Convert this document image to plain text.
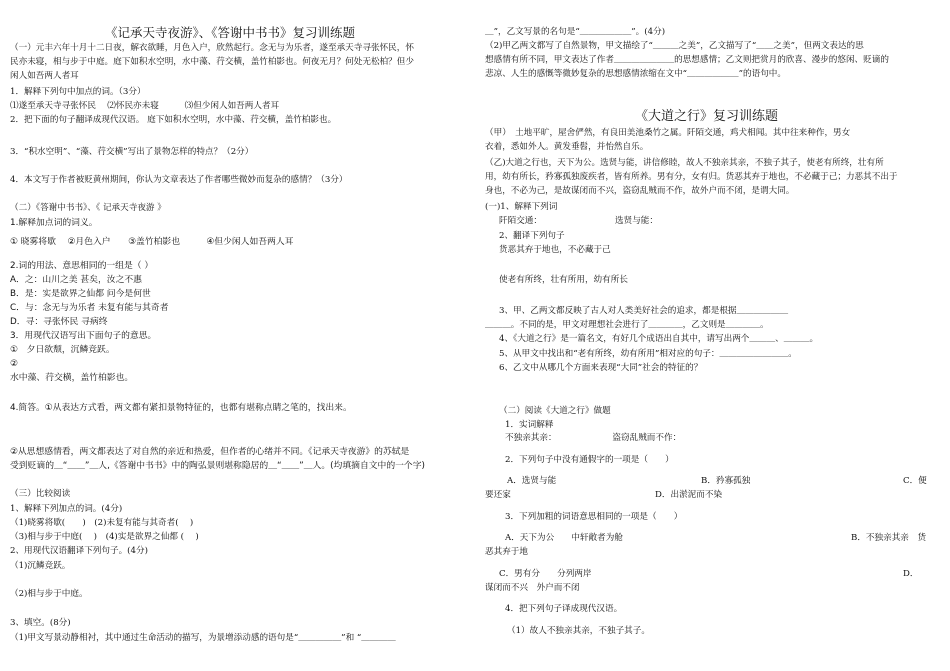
《记承天寺夜游》、《答谢中书书》复习训练题
（一）元丰六年十月十二日夜，解衣欲睡，月色入户，欣然起行。念无与为乐者，遂至承天寺寻张怀民，怀
民亦未寝，相与步于中庭。庭下如积水空明，水中藻、荇交横，盖竹柏影也。何夜无月？何处无松柏？但少
闲人如吾两人者耳
1．解释下列句中加点的词。（3分）
⑴遂至承天寺寻张怀民 　⑵怀民亦未寝　　　⑶但少闲人如吾两人者耳
2．把下面的句子翻译成现代汉语。 庭下如积水空明，水中藻、荇交横，盖竹柏影也。
3．“积水空明”、“藻、荇交横”写出了景物怎样的特点？（2分）
4．本文写于作者被贬黄州期间，你认为文章表达了作者哪些微妙而复杂的感情？（3分）
（二）《答谢中书书》、《 记承天寺夜游 》
1.解释加点词的词义。
① 晓雾将歇　 ②月色入户　　③盖竹柏影也　　　④但少闲人如吾两人耳
2.词的用法、意思相同的一组是（ ）
A．之：山川之美 甚矣，汝之不惠
B．是：实是欲界之仙都 问今是何世
C．与：念无与为乐者 未复有能与其奇者
D．寻：寻张怀民 寻病终
3．用现代汉语写出下面句子的意思。
①　夕日欲颓，沉鳞竞跃。
②
水中藻、荇交横，盖竹柏影也。
4.简答。①从表达方式看，两文都有紧扣景物特征的，也都有堪称点睛之笔的，找出来。
②从思想感情看，两文都表达了对自然的亲近和热爱，但作者的心绪并不同。《记承天寺夜游》的苏轼是
受到贬谪的＿“＿＿”＿人,《答谢中书书》中的陶弘景则堪称隐居的＿“＿＿”＿人。(均填摘自文中的一个字)
（三）比较阅读
1、解释下列加点的词。(4分)
（1)晓雾将歇(　　)　(2)未复有能与其奇者(　 )
（3)相与步于中庭(　 )　(4)实是欲界之仙都 (　 )
2、用现代汉语翻译下列句子。(4分)
（1)沉鳞竞跃。
（2)相与步于中庭。
3、填空。(8分)
（1)甲文写景动静相衬，其中通过生命活动的描写，为景增添动感的语句是“＿＿＿＿＿”和 “＿＿＿＿
＿”，乙文写景的名句是“＿＿＿＿＿＿”。(4分)
（2)甲乙两文都写了自然景物，甲文描绘了“＿＿＿之美”，乙文描写了“＿＿之美”，但两文表达的思
想感情有所不同，甲文表达了作者＿＿＿＿＿＿＿的思想感情；乙文则把赏月的欣喜、漫步的悠闲、贬谪的
悲凉、人生的感慨等微妙复杂的思想感情浓缩在文中“＿＿＿＿＿＿”的语句中。
《大道之行》复习训练题
（甲）　土地平旷，屋舍俨然，有良田美池桑竹之属。阡陌交通，鸡犬相闻。其中往来种作，男女
衣着，悉如外人。黄发垂髫，并怡然自乐。
（乙)大道之行也，天下为公。选贤与能，讲信修睦，故人不独亲其亲，不独子其子，使老有所终，壮有所
用，幼有所长，矜寡孤独废疾者，皆有所养。男有分，女有归。货恶其弃于地也，不必藏于己；力恶其不出于
身也，不必为己，是故谋闭而不兴，盗窃乱贼而不作，故外户而不闭，是谓大同。
(一)1、解释下列词
阡陌交通：　　　　　　　　　选贤与能：
2、翻译下列句子
货恶其弃于地也，不必藏于己
使老有所终，壮有所用，幼有所长
3、甲、乙两文都反映了古人对人类美好社会的追求，都是根据＿＿＿＿＿＿
＿＿＿。不同的是，甲文对理想社会进行了＿＿＿＿，乙文则是＿＿＿＿。
4、《大道之行》是一篇名文，有好几个成语出自其中，请写出两个＿＿＿、＿＿＿。
5、从甲文中找出和“老有所终，幼有所用”相对应的句子：＿＿＿＿＿＿＿＿。
6、乙文中从哪几个方面来表现“大同”社会的特征的？
（二）阅读《大道之行》做题
1．实词解释
不独亲其亲：　　　　　　　盗窃乱贼而不作：
2．下列句子中没有通假字的一项是（　　）
A．选贤与能	B．矜寡孤独	C．便
要还家	D．出淤泥而不染
3．下列加粗的词语意思相同的一项是（　　）
A．天下为公　　中轩敞者为舱	B．不独亲其亲　货
恶其弃于地
C．男有分　　分列两岸	D．
谋闭而不兴　外户而不闭
4．把下列句子译成现代汉语。
（1）故人不独亲其亲，不独子其子。
